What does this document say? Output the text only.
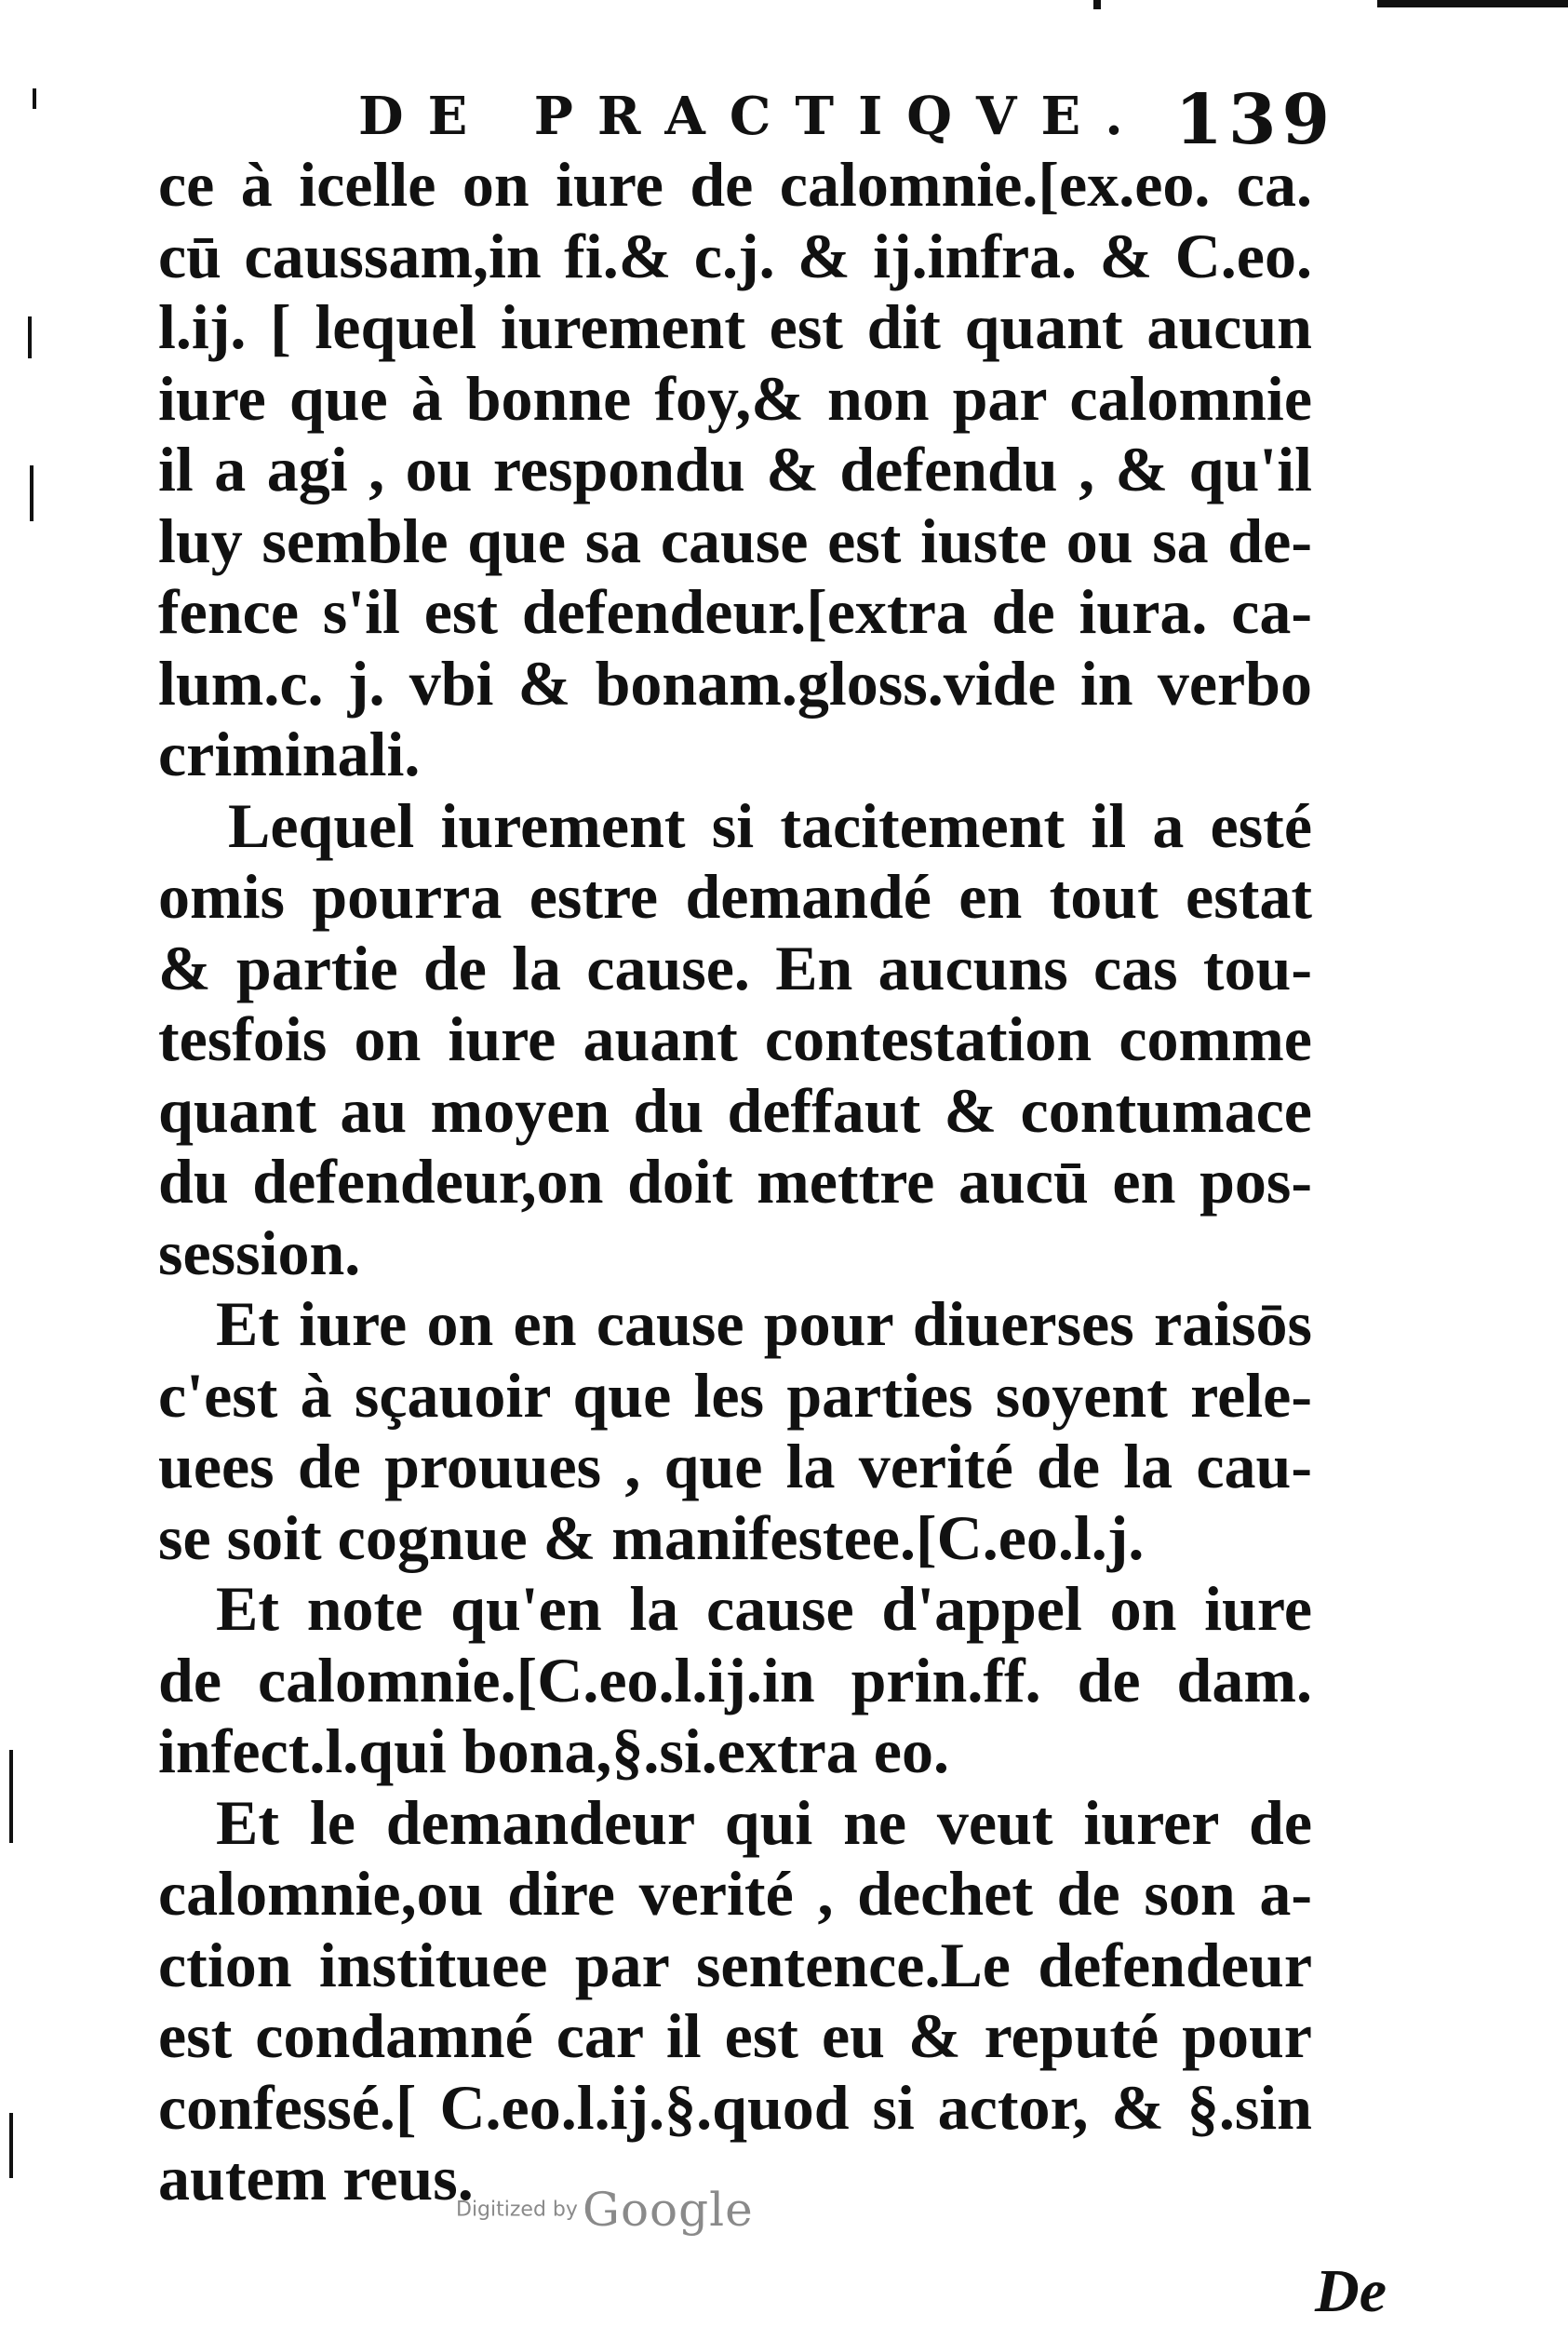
DE PRACTIQVE. 139
ce à icelle on iure de calomnie.[ex.eo. ca.
cū caussam,in fi.& c.j. & ij.infra. & C.eo.
l.ij. [ lequel iurement est dit quant aucun
iure que à bonne foy,& non par calomnie
il a agi , ou respondu & defendu , & qu'il
luy semble que sa cause est iuste ou sa de-
fence s'il est defendeur.[extra de iura. ca-
lum.c. j. vbi & bonam.gloss.vide in verbo
criminali.
Lequel iurement si tacitement il a esté
omis pourra estre demandé en tout estat
& partie de la cause. En aucuns cas tou-
tesfois on iure auant contestation comme
quant au moyen du deffaut & contumace
du defendeur,on doit mettre aucū en pos-
session.
Et iure on en cause pour diuerses raisōs
c'est à sçauoir que les parties soyent rele-
uees de prouues , que la verité de la cau-
se soit cognue & manifestee.[C.eo.l.j.
Et note qu'en la cause d'appel on iure
de calomnie.[C.eo.l.ij.in prin.ff. de dam.
infect.l.qui bona,§.si.extra eo.
Et le demandeur qui ne veut iurer de
calomnie,ou dire verité , dechet de son a-
ction instituee par sentence.Le defendeur
est condamné car il est eu & reputé pour
confessé.[ C.eo.l.ij.§.quod si actor, & §.sin
autem reus.
Digitized by Google
De
